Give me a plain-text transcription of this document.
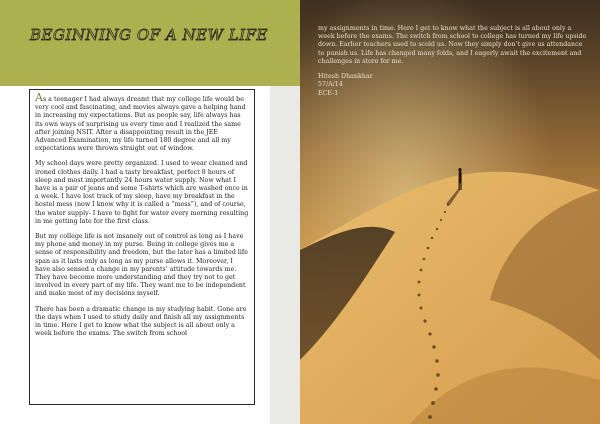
BEGINNING OF A NEW LIFE

As a teenager I had always dreamt that my college life would be very cool and fascinating, and movies always gave a helping hand in increasing my expectations. But as people say, life always has its own ways of surprising us every time and I realized the same after joining NSIT. After a disappointing result in the JEE Advanced Examination, my life turned 180 degree and all my expectations were thrown straight out of window.

My school days were pretty organized. I used to wear cleaned and ironed clothes daily. I had a tasty breakfast, perfect 8 hours of sleep and most importantly 24 hours water supply. Now what I have is a pair of jeans and some T-shirts which are washed once in a week. I have lost track of my sleep, have my breakfast in the hostel mess (now I know why it is called a “mess”), and of course, the water supply- I have to fight for water every morning resulting in me getting late for the first class.

But my college life is not insanely out of control as long as I have my phone and money in my purse. Being in college gives me a sense of responsibility and freedom, but the later has a limited life span as it lasts only as long as my purse allows it. Moreover, I have also sensed a change in my parents’ attitude towards me. They have become more understanding and they try not to get involved in every part of my life. They want me to be independent and make most of my decisions myself.

There has been a dramatic change in my studying habit. Gone are the days when I used to study daily and finish all my assignments in time. Here I get to know what the subject is all about only a week before the exams. The switch from school

my assignments in time. Here I get to know what the subject is all about only a week before the exams. The switch from school to college has turned my life upside down. Earlier teachers used to scold us. Now they simply don’t give us attendance to punish us. Life has changed many folds, and I eagerly await the excitement and challenges in store for me.

Hitesh Dhankhar
57/A/14
ECE-1
